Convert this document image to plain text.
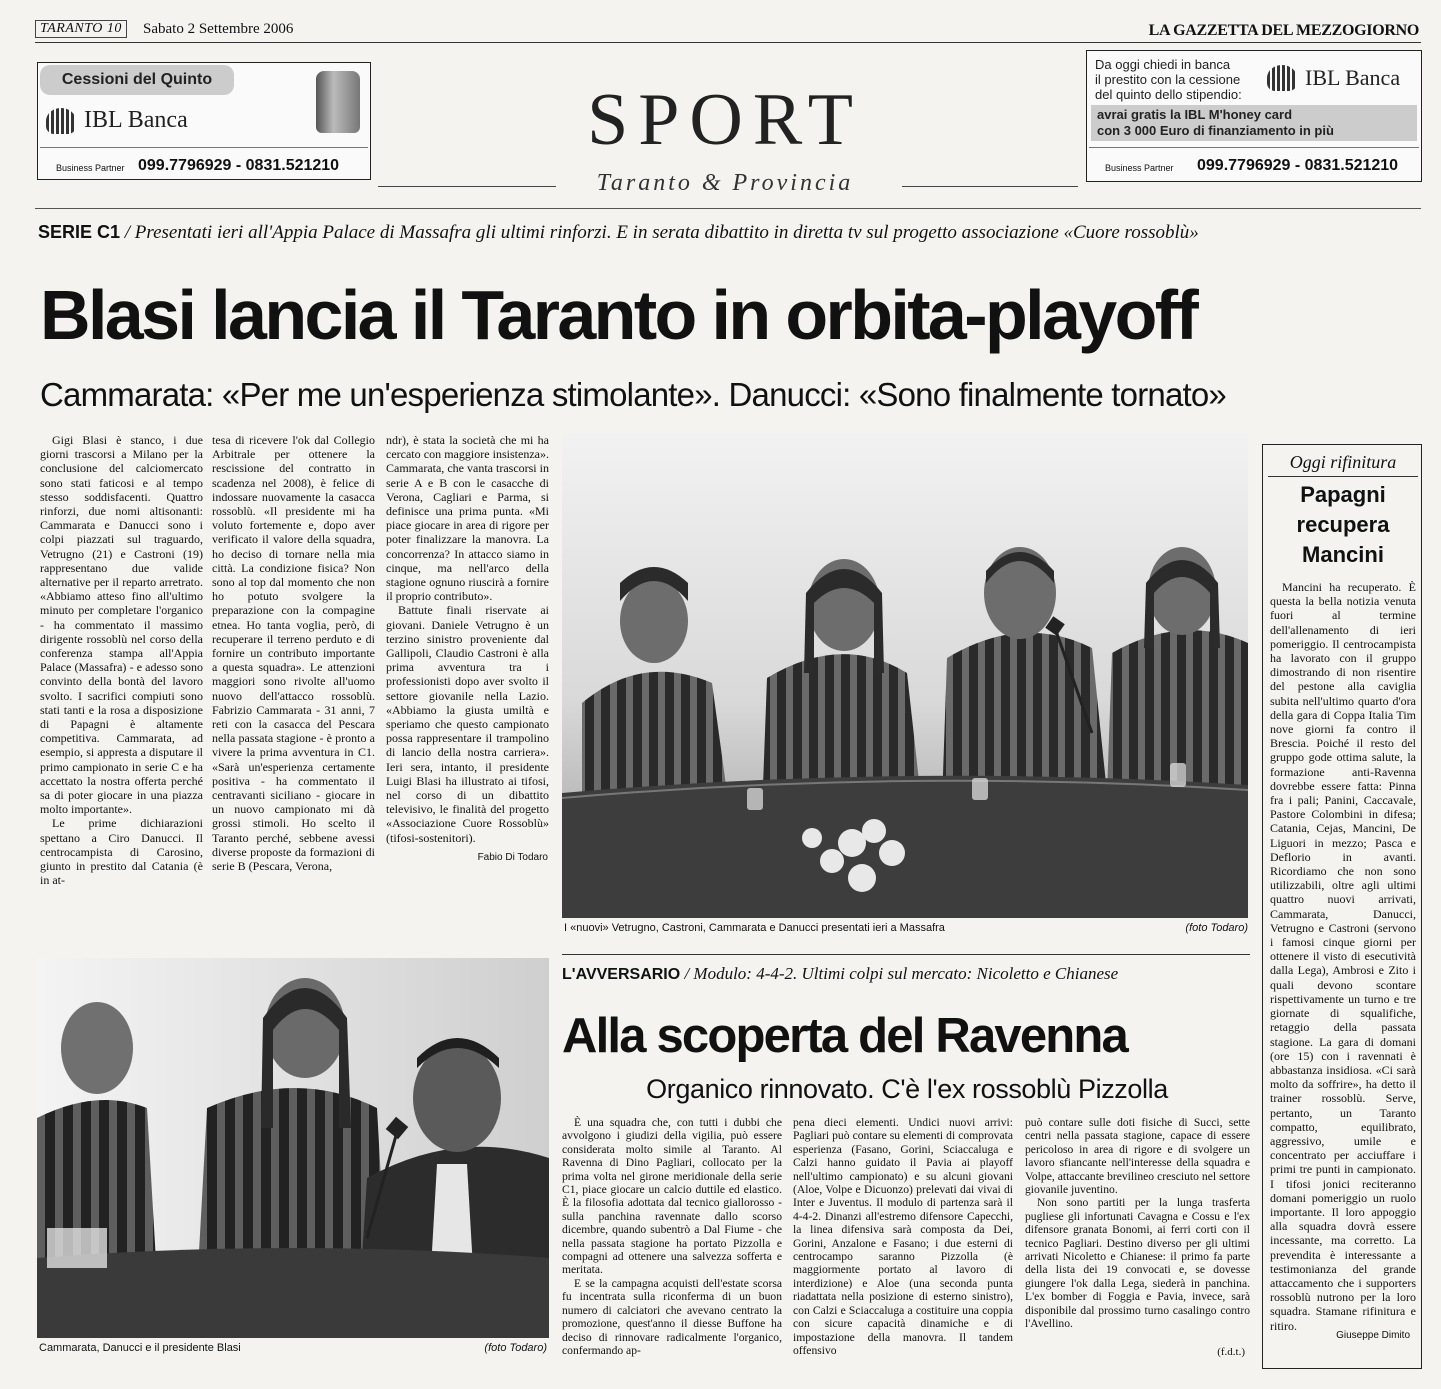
TARANTO 10	Sabato 2 Settembre 2006	LA GAZZETTA DEL MEZZOGIORNO
Cessioni del Quinto
IBL Banca
Business Partner 099.7796929 - 0831.521210
SPORT
Taranto & Provincia
Da oggi chiedi in banca
il prestito con la cessione
del quinto dello stipendio:
IBL Banca
avrai gratis la IBL M'honey card
con 3 000 Euro di finanziamento in più
Business Partner 099.7796929 - 0831.521210
SERIE C1 / Presentati ieri all'Appia Palace di Massafra gli ultimi rinforzi. E in serata dibattito in diretta tv sul progetto associazione «Cuore rossoblù»
Blasi lancia il Taranto in orbita-playoff
Cammarata: «Per me un'esperienza stimolante». Danucci: «Sono finalmente tornato»

Gigi Blasi è stanco, i due giorni trascorsi a Milano per la conclusione del calciomercato sono stati faticosi e al tempo stesso soddisfacenti. Quattro rinforzi, due nomi altisonanti: Cammarata e Danucci sono i colpi piazzati sul traguardo, Vetrugno (21) e Castroni (19) rappresentano due valide alternative per il reparto arretrato. «Abbiamo atteso fino all'ultimo minuto per completare l'organico - ha commentato il massimo dirigente rossoblù nel corso della conferenza stampa all'Appia Palace (Massafra) - e adesso sono convinto della bontà del lavoro svolto. I sacrifici compiuti sono stati tanti e la rosa a disposizione di Papagni è altamente competitiva. Cammarata, ad esempio, si appresta a disputare il primo campionato in serie C e ha accettato la nostra offerta perché sa di poter giocare in una piazza molto importante».

Le prime dichiarazioni spettano a Ciro Danucci. Il centrocampista di Carosino, giunto in prestito dal Catania (è in at-

tesa di ricevere l'ok dal Collegio Arbitrale per ottenere la rescissione del contratto in scadenza nel 2008), è felice di indossare nuovamente la casacca rossoblù. «Il presidente mi ha voluto fortemente e, dopo aver verificato il valore della squadra, ho deciso di tornare nella mia città. La condizione fisica? Non sono al top dal momento che non ho potuto svolgere la preparazione con la compagine etnea. Ho tanta voglia, però, di recuperare il terreno perduto e di fornire un contributo importante a questa squadra». Le attenzioni maggiori sono rivolte all'uomo nuovo dell'attacco rossoblù. Fabrizio Cammarata - 31 anni, 7 reti con la casacca del Pescara nella passata stagione - è pronto a vivere la prima avventura in C1. «Sarà un'esperienza certamente positiva - ha commentato il centravanti siciliano - giocare in un nuovo campionato mi dà grossi stimoli. Ho scelto il Taranto perché, sebbene avessi diverse proposte da formazioni di serie B (Pescara, Verona,

ndr), è stata la società che mi ha cercato con maggiore insistenza». Cammarata, che vanta trascorsi in serie A e B con le casacche di Verona, Cagliari e Parma, si definisce una prima punta. «Mi piace giocare in area di rigore per poter finalizzare la manovra. La concorrenza? In attacco siamo in cinque, ma nell'arco della stagione ognuno riuscirà a fornire il proprio contributo».

Battute finali riservate ai giovani. Daniele Vetrugno è un terzino sinistro proveniente dal Gallipoli, Claudio Castroni è alla prima avventura tra i professionisti dopo aver svolto il settore giovanile nella Lazio. «Abbiamo la giusta umiltà e speriamo che questo campionato possa rappresentare il trampolino di lancio della nostra carriera». Ieri sera, intanto, il presidente Luigi Blasi ha illustrato ai tifosi, nel corso di un dibattito televisivo, le finalità del progetto «Associazione Cuore Rossoblù» (tifosi-sostenitori).

Fabio Di Todaro
(foto Todaro)
I «nuovi» Vetrugno, Castroni, Cammarata e Danucci presentati ieri a Massafra
(foto Todaro)
Cammarata, Danucci e il presidente Blasi
Oggi rifinitura
Papagni recupera Mancini

Mancini ha recuperato. È questa la bella notizia venuta fuori al termine dell'allenamento di ieri pomeriggio. Il centrocampista ha lavorato con il gruppo dimostrando di non risentire del pestone alla caviglia subita nell'ultimo quarto d'ora della gara di Coppa Italia Tim nove giorni fa contro il Brescia. Poiché il resto del gruppo gode ottima salute, la formazione anti-Ravenna dovrebbe essere fatta: Pinna fra i pali; Panini, Caccavale, Pastore Colombini in difesa; Catania, Cejas, Mancini, De Liguori in mezzo; Pasca e Deflorio in avanti. Ricordiamo che non sono utilizzabili, oltre agli ultimi quattro nuovi arrivati, Cammarata, Danucci, Vetrugno e Castroni (servono i famosi cinque giorni per ottenere il visto di esecutività dalla Lega), Ambrosi e Zito i quali devono scontare rispettivamente un turno e tre giornate di squalifiche, retaggio della passata stagione. La gara di domani (ore 15) con i ravennati è abbastanza insidiosa. «Ci sarà molto da soffrire», ha detto il trainer rossoblù. Serve, pertanto, un Taranto compatto, equilibrato, aggressivo, umile e concentrato per acciuffare i primi tre punti in campionato. I tifosi jonici reciteranno domani pomeriggio un ruolo importante. Il loro appoggio alla squadra dovrà essere incessante, ma corretto. La prevendita è interessante a testimonianza del grande attaccamento che i supporters rossoblù nutrono per la loro squadra. Stamane rifinitura e ritiro.

Giuseppe Dimito
L'AVVERSARIO / Modulo: 4-4-2. Ultimi colpi sul mercato: Nicoletto e Chianese
Alla scoperta del Ravenna
Organico rinnovato. C'è l'ex rossoblù Pizzolla

È una squadra che, con tutti i dubbi che avvolgono i giudizi della vigilia, può essere considerata molto simile al Taranto. Al Ravenna di Dino Pagliari, collocato per la prima volta nel girone meridionale della serie C1, piace giocare un calcio duttile ed elastico. È la filosofia adottata dal tecnico giallorosso - sulla panchina ravennate dallo scorso dicembre, quando subentrò a Dal Fiume - che nella passata stagione ha portato Pizzolla e compagni ad ottenere una salvezza sofferta e meritata.

E se la campagna acquisti dell'estate scorsa fu incentrata sulla riconferma di un buon numero di calciatori che avevano centrato la promozione, quest'anno il diesse Buffone ha deciso di rinnovare radicalmente l'organico, confermando ap-

pena dieci elementi. Undici nuovi arrivi: Pagliari può contare su elementi di comprovata esperienza (Fasano, Gorini, Sciaccaluga e Calzi hanno guidato il Pavia ai playoff nell'ultimo campionato) e su alcuni giovani (Aloe, Volpe e Dicuonzo) prelevati dai vivai di Inter e Juventus. Il modulo di partenza sarà il 4-4-2. Dinanzi all'estremo difensore Capecchi, la linea difensiva sarà composta da Dei, Gorini, Anzalone e Fasano; i due esterni di centrocampo saranno Pizzolla (è maggiormente portato al lavoro di interdizione) e Aloe (una seconda punta riadattata nella posizione di esterno sinistro), con Calzi e Sciaccaluga a costituire una coppia con sicure capacità dinamiche e di impostazione della manovra. Il tandem offensivo

può contare sulle doti fisiche di Succi, sette centri nella passata stagione, capace di essere pericoloso in area di rigore e di svolgere un lavoro sfiancante nell'interesse della squadra e Volpe, attaccante brevilineo cresciuto nel settore giovanile juventino.

Non sono partiti per la lunga trasferta pugliese gli infortunati Cavagna e Cossu e l'ex difensore granata Bonomi, ai ferri corti con il tecnico Pagliari. Destino diverso per gli ultimi arrivati Nicoletto e Chianese: il primo fa parte della lista dei 19 convocati e, se dovesse giungere l'ok dalla Lega, siederà in panchina. L'ex bomber di Foggia e Pavia, invece, sarà disponibile dal prossimo turno casalingo contro l'Avellino.

(f.d.t.)
